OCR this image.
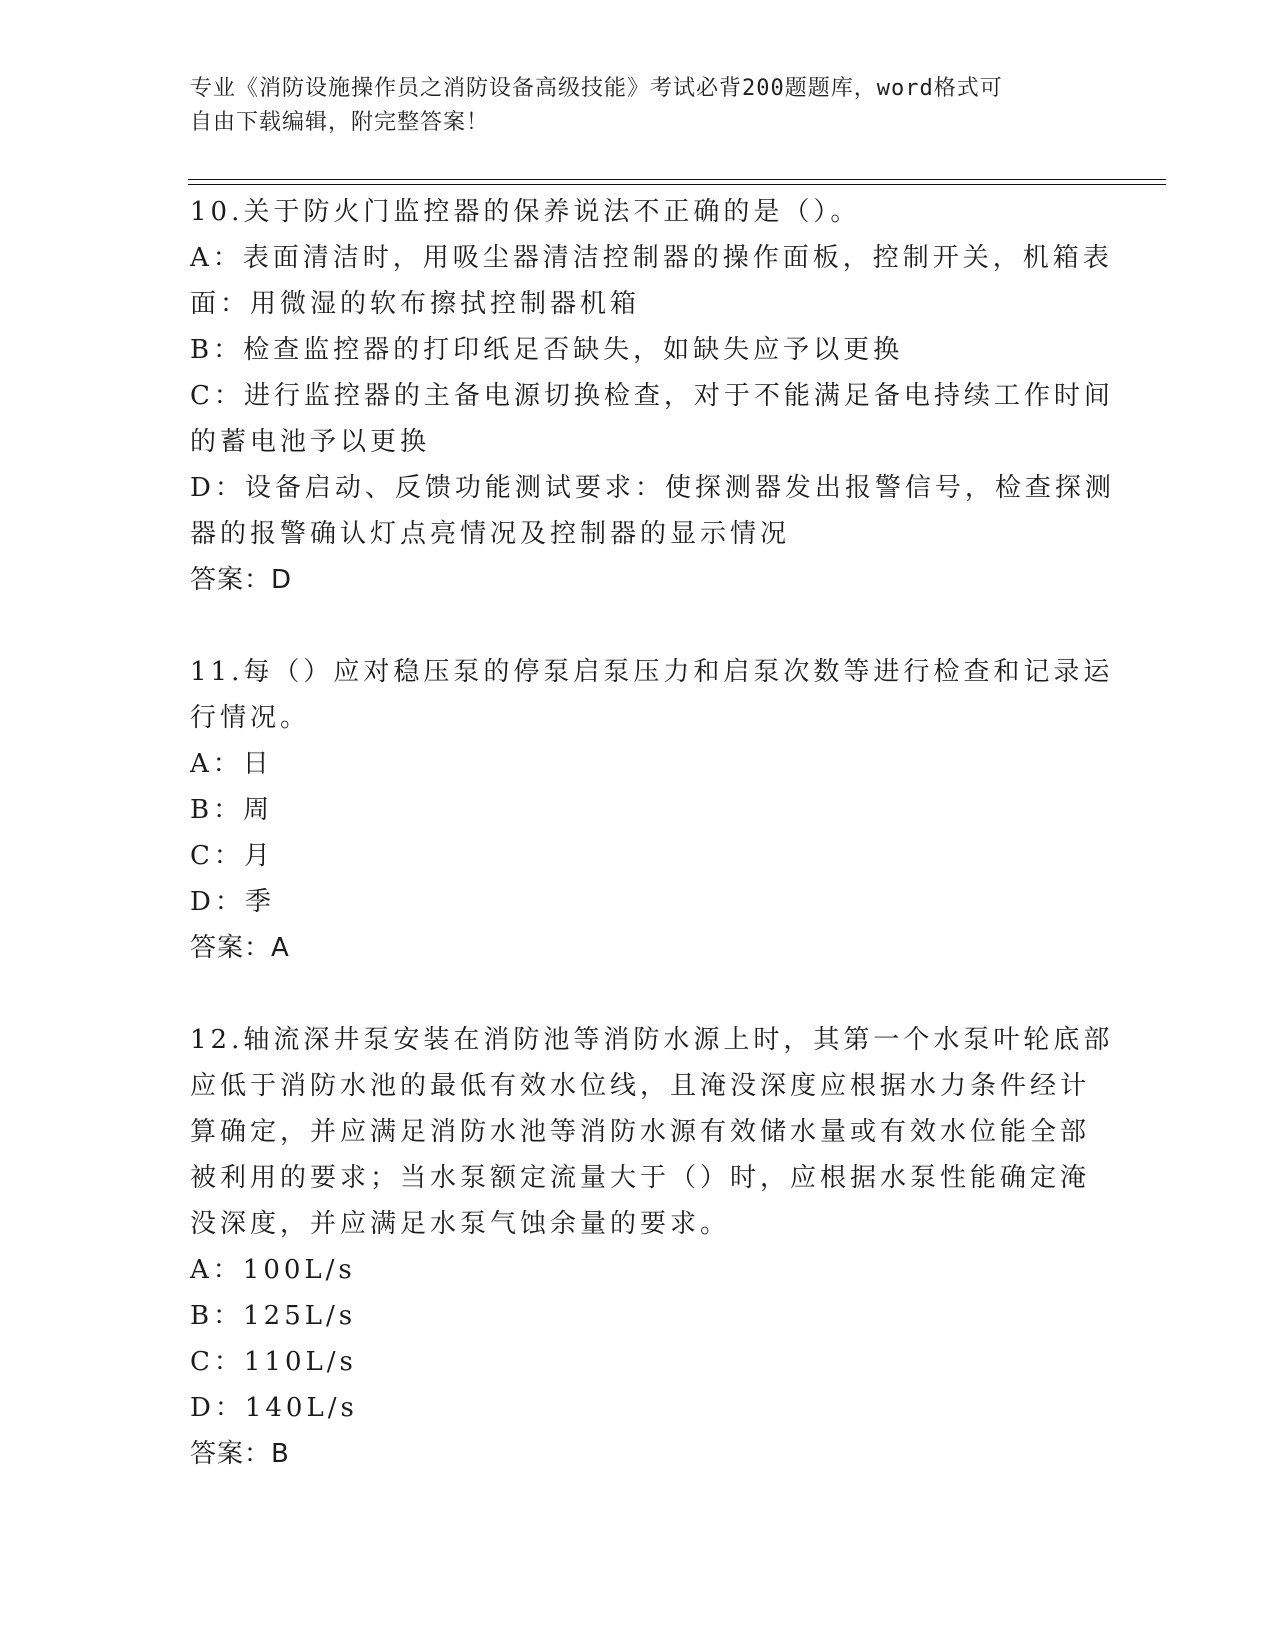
专业《消防设施操作员之消防设备高级技能》考试必背200题题库，word格式可
自由下载编辑，附完整答案！
10.关于防火门监控器的保养说法不正确的是（）。
A：表面清洁时，用吸尘器清洁控制器的操作面板，控制开关，机箱表
面：用微湿的软布擦拭控制器机箱
B：检查监控器的打印纸足否缺失，如缺失应予以更换
C：进行监控器的主备电源切换检查，对于不能满足备电持续工作时间
的蓄电池予以更换
D：设备启动、反馈功能测试要求：使探测器发出报警信号，检查探测
器的报警确认灯点亮情况及控制器的显示情况
答案：D
11.每（）应对稳压泵的停泵启泵压力和启泵次数等进行检查和记录运
行情况。
A：日
B：周
C：月
D：季
答案：A
12.轴流深井泵安装在消防池等消防水源上时，其第一个水泵叶轮底部
应低于消防水池的最低有效水位线，且淹没深度应根据水力条件经计
算确定，并应满足消防水池等消防水源有效储水量或有效水位能全部
被利用的要求；当水泵额定流量大于（）时，应根据水泵性能确定淹
没深度，并应满足水泵气蚀余量的要求。
A：100L/s
B：125L/s
C：110L/s
D：140L/s
答案：B
